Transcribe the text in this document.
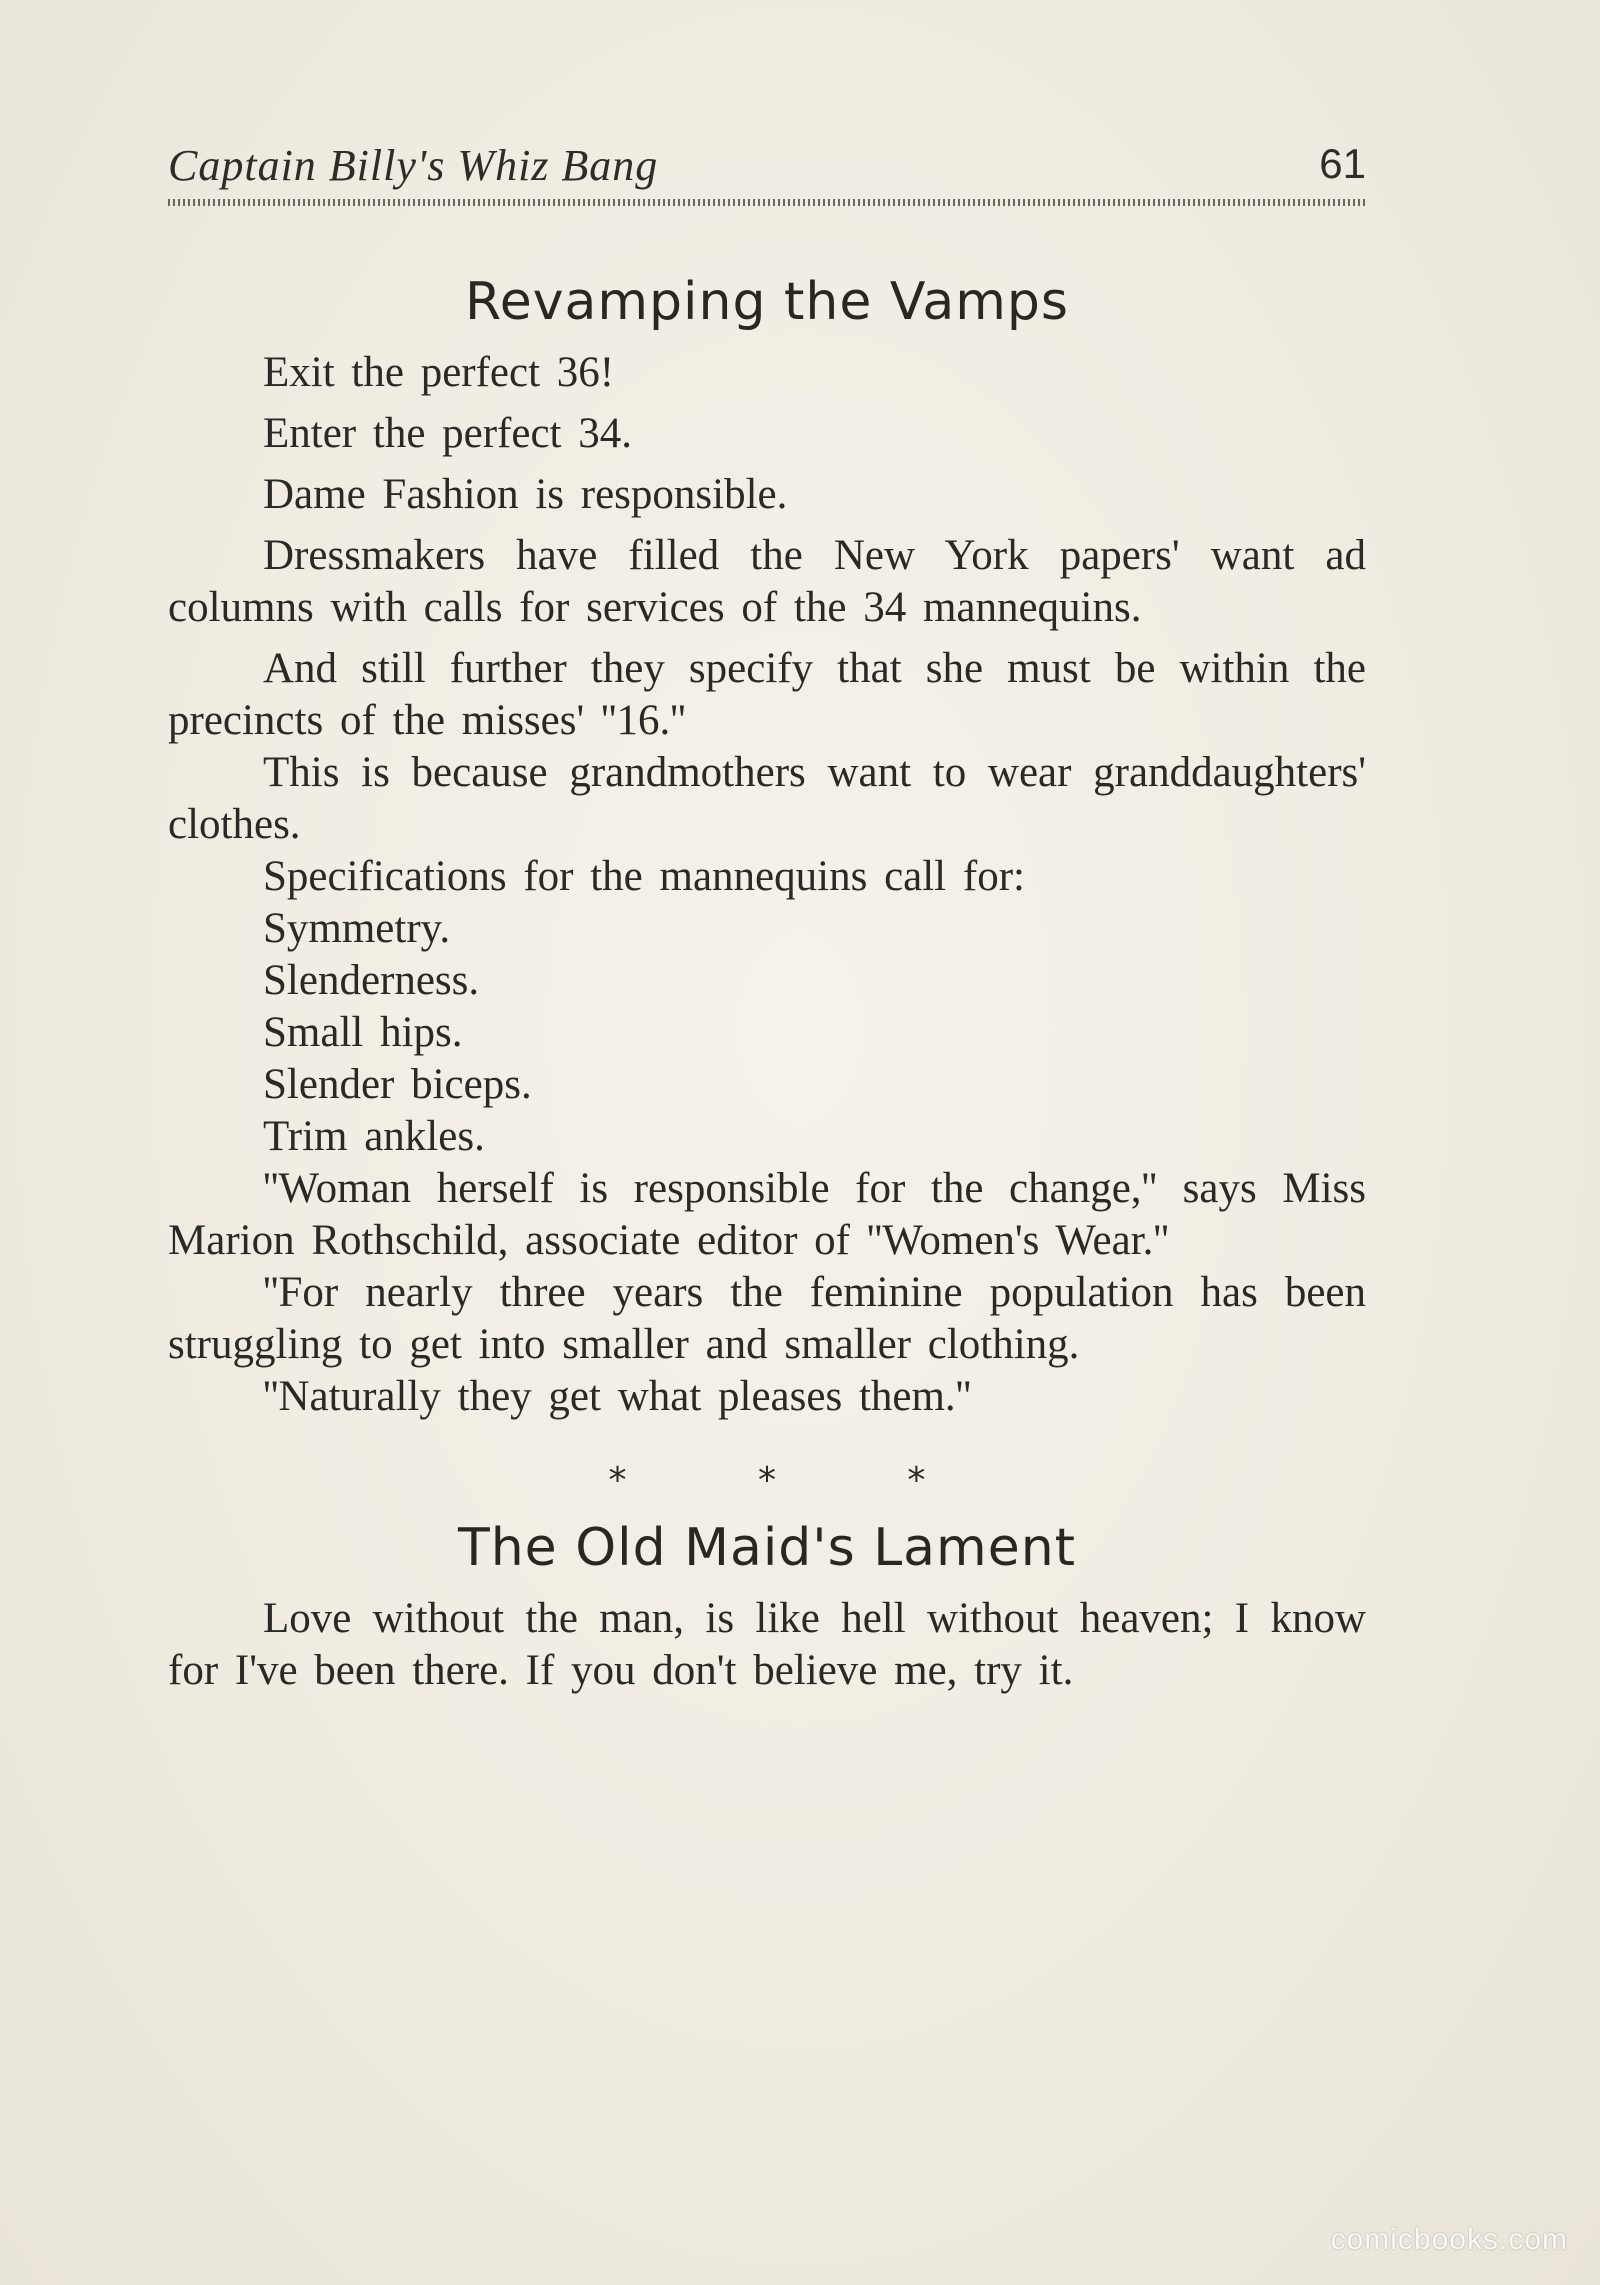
Captain Billy's Whiz Bang	61
Revamping the Vamps

Exit the perfect 36!

Enter the perfect 34.

Dame Fashion is responsible.

Dressmakers have filled the New York papers' want ad columns with calls for services of the 34 mannequins.

And still further they specify that she must be within the precincts of the misses' ''16.''

This is because grandmothers want to wear granddaughters' clothes.

Specifications for the mannequins call for:

Symmetry.

Slenderness.

Small hips.

Slender biceps.

Trim ankles.

''Woman herself is responsible for the change,'' says Miss Marion Rothschild, associate editor of ''Women's Wear.''

''For nearly three years the feminine population has been struggling to get into smaller and smaller clothing.

''Naturally they get what pleases them.''

* * *
The Old Maid's Lament

Love without the man, is like hell without heaven; I know for I've been there. If you don't believe me, try it.

comicbooks.com
